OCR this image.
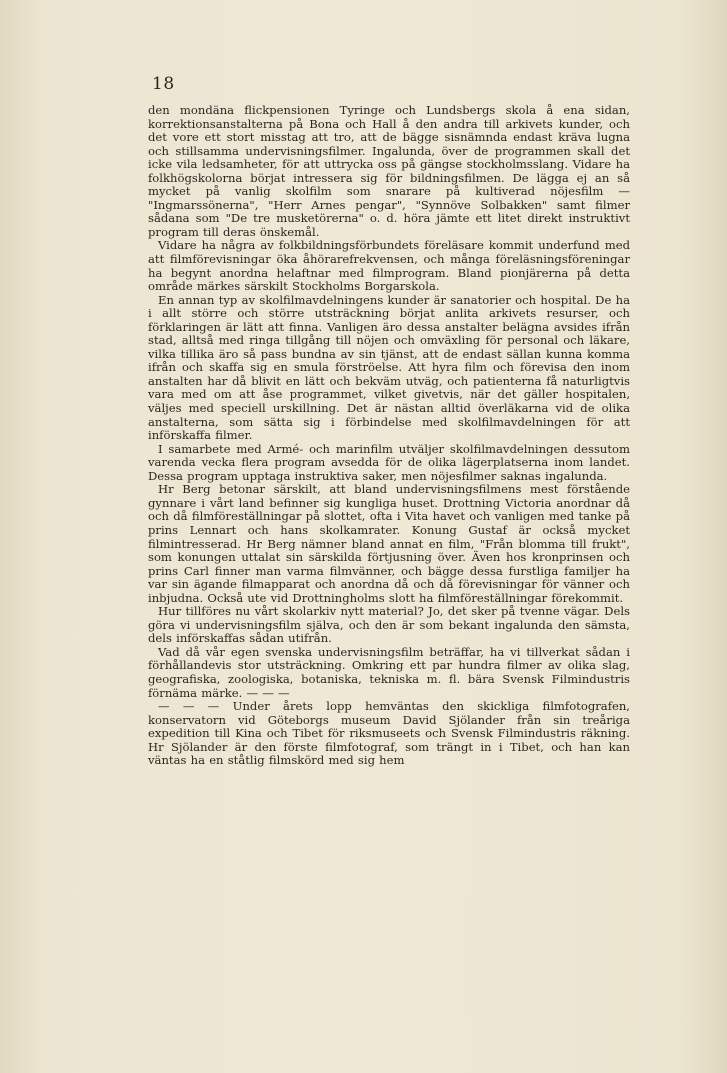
18

den mondäna flickpensionen Tyringe och Lundsbergs skola å ena sidan, korrektionsanstalterna på Bona och Hall å den andra till arkivets kunder, och det vore ett stort misstag att tro, att de bägge sisnämnda endast kräva lugna och stillsamma undervisningsfilmer. Ingalunda, över de programmen skall det icke vila ledsamheter, för att uttrycka oss på gängse stockholmsslang. Vidare ha folkhögskolorna börjat intressera sig för bildningsfilmen. De lägga ej an så mycket på vanlig skolfilm som snarare på kultiverad nöjesfilm — "Ingmarssönerna", "Herr Arnes pengar", "Synnöve Solbakken" samt filmer sådana som "De tre musketörerna" o. d. höra jämte ett litet direkt instruktivt program till deras önskemål.

Vidare ha några av folkbildningsförbundets föreläsare kommit underfund med att filmförevisningar öka åhörarefrekvensen, och många föreläsningsföreningar ha begynt anordna helaftnar med filmprogram. Bland pionjärerna på detta område märkes särskilt Stockholms Borgarskola.

En annan typ av skolfilmavdelningens kunder är sanatorier och hospital. De ha i allt större och större utsträckning börjat anlita arkivets resurser, och förklaringen är lätt att finna. Vanligen äro dessa anstalter belägna avsides ifrån stad, alltså med ringa tillgång till nöjen och omväxling för personal och läkare, vilka tillika äro så pass bundna av sin tjänst, att de endast sällan kunna komma ifrån och skaffa sig en smula förströelse. Att hyra film och förevisa den inom anstalten har då blivit en lätt och bekväm utväg, och patienterna få naturligtvis vara med om att åse programmet, vilket givetvis, när det gäller hospitalen, väljes med speciell urskillning. Det är nästan alltid överläkarna vid de olika anstalterna, som sätta sig i förbindelse med skolfilmavdelningen för att införskaffa filmer.

I samarbete med Armé- och marinfilm utväljer skolfilmavdelningen dessutom varenda vecka flera program avsedda för de olika lägerplatserna inom landet. Dessa program upptaga instruktiva saker, men nöjesfilmer saknas ingalunda.

Hr Berg betonar särskilt, att bland undervisningsfilmens mest förstående gynnare i vårt land befinner sig kungliga huset. Drottning Victoria anordnar då och då filmföreställningar på slottet, ofta i Vita havet och vanligen med tanke på prins Lennart och hans skolkamrater. Konung Gustaf är också mycket filmintresserad. Hr Berg nämner bland annat en film, "Från blomma till frukt", som konungen uttalat sin särskilda förtjusning över. Även hos kronprinsen och prins Carl finner man varma filmvänner, och bägge dessa furstliga familjer ha var sin ägande filmapparat och anordna då och då förevisningar för vänner och inbjudna. Också ute vid Drottningholms slott ha filmföreställningar förekommit.

Hur tillföres nu vårt skolarkiv nytt material? Jo, det sker på tvenne vägar. Dels göra vi undervisningsfilm själva, och den är som bekant ingalunda den sämsta, dels införskaffas sådan utifrån.

Vad då vår egen svenska undervisningsfilm beträffar, ha vi tillverkat sådan i förhållandevis stor utsträckning. Omkring ett par hundra filmer av olika slag, geografiska, zoologiska, botaniska, tekniska m. fl. bära Svensk Filmindustris förnäma märke. — — —

— — — Under årets lopp hemväntas den skickliga filmfotografen, konservatorn vid Göteborgs museum David Sjölander från sin treåriga expedition till Kina och Tibet för riksmuseets och Svensk Filmindustris räkning. Hr Sjölander är den förste filmfotograf, som trängt in i Tibet, och han kan väntas ha en ståtlig filmskörd med sig hem
